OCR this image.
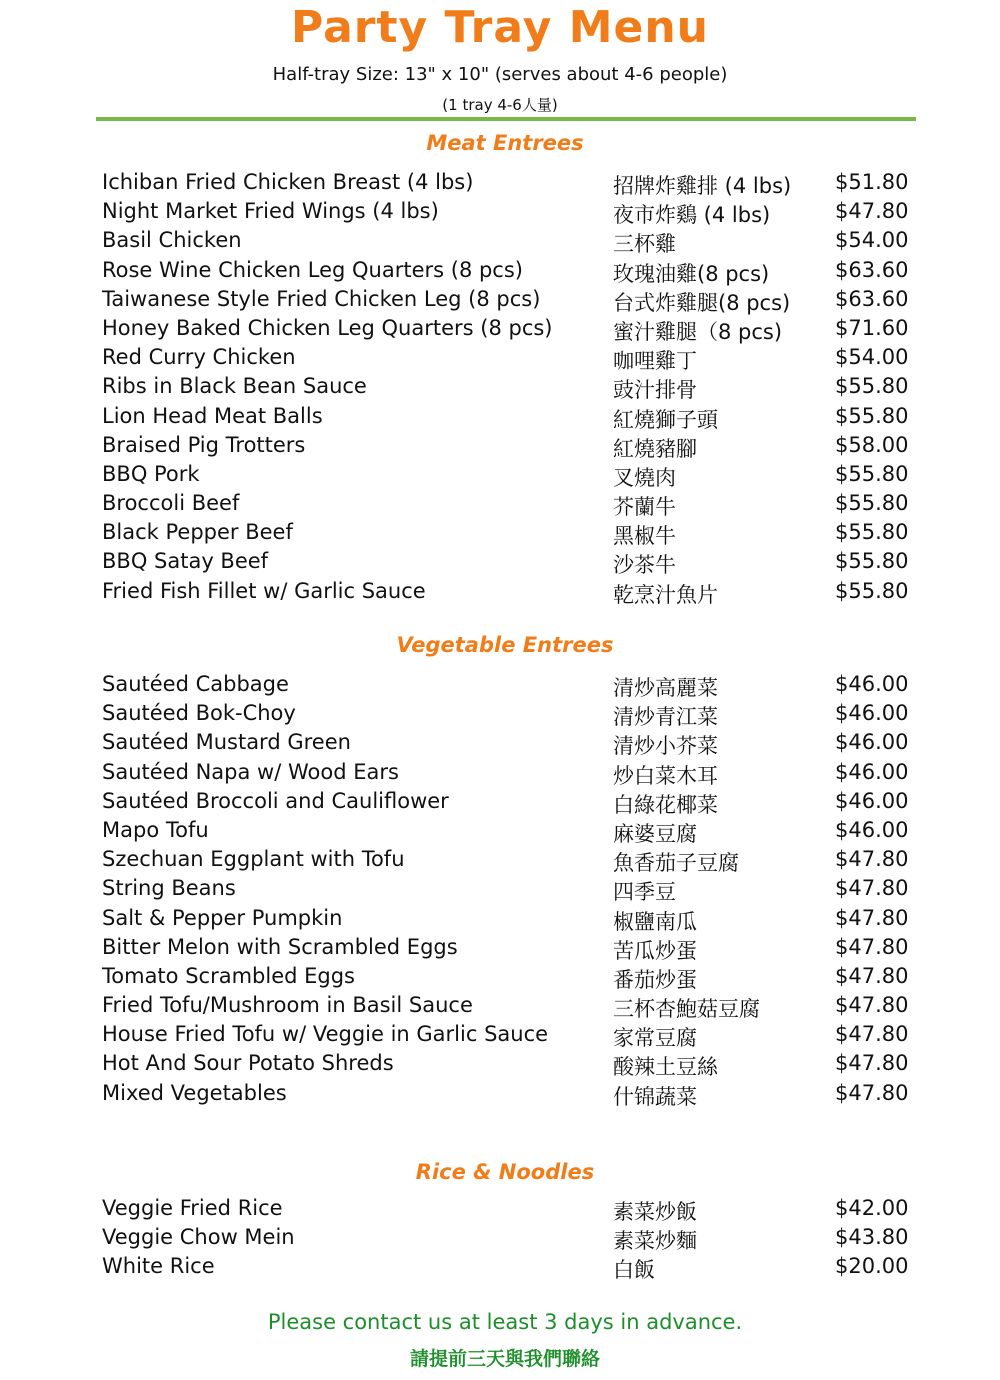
Party Tray Menu
Half-tray Size: 13" x 10" (serves about 4-6 people)
(1 tray 4-6人量)
Meat Entrees
Ichiban Fried Chicken Breast (4 lbs)	招牌炸雞排 (4 lbs) $51.80
Night Market Fried Wings (4 lbs)	夜市炸鷄 (4 lbs)	$47.80
Basil Chicken	三杯雞	$54.00
Rose Wine Chicken Leg Quarters (8 pcs)	玫瑰油雞(8 pcs)	$63.60
Taiwanese Style Fried Chicken Leg (8 pcs)	台式炸雞腿(8 pcs) $63.60
Honey Baked Chicken Leg Quarters (8 pcs)	蜜汁雞腿（8 pcs)	$71.60
Red Curry Chicken	咖哩雞丁	$54.00
Ribs in Black Bean Sauce	豉汁排骨	$55.80
Lion Head Meat Balls	紅燒獅子頭	$55.80
Braised Pig Trotters	紅燒豬腳	$58.00
BBQ Pork	叉燒肉	$55.80
Broccoli Beef	芥蘭牛	$55.80
Black Pepper Beef	黑椒牛	$55.80
BBQ Satay Beef	沙茶牛	$55.80
Fried Fish Fillet w/ Garlic Sauce	乾烹汁魚片	$55.80
Vegetable Entrees
Sautéed Cabbage	清炒高麗菜	$46.00
Sautéed Bok-Choy	清炒青江菜	$46.00
Sautéed Mustard Green	清炒小芥菜	$46.00
Sautéed Napa w/ Wood Ears	炒白菜木耳	$46.00
Sautéed Broccoli and Cauliflower	白綠花椰菜	$46.00
Mapo Tofu	麻婆豆腐	$46.00
Szechuan Eggplant with Tofu	魚香茄子豆腐	$47.80
String Beans	四季豆	$47.80
Salt & Pepper Pumpkin	椒鹽南瓜	$47.80
Bitter Melon with Scrambled Eggs	苦瓜炒蛋	$47.80
Tomato Scrambled Eggs	番茄炒蛋	$47.80
Fried Tofu/Mushroom in Basil Sauce	三杯杏鮑菇豆腐	$47.80
House Fried Tofu w/ Veggie in Garlic Sauce	家常豆腐	$47.80
Hot And Sour Potato Shreds	酸辣土豆絲	$47.80
Mixed Vegetables	什锦蔬菜	$47.80
Rice & Noodles
Veggie Fried Rice	素菜炒飯	$42.00
Veggie Chow Mein	素菜炒麵	$43.80
White Rice	白飯	$20.00
Please contact us at least 3 days in advance.
請提前三天與我們聯絡
